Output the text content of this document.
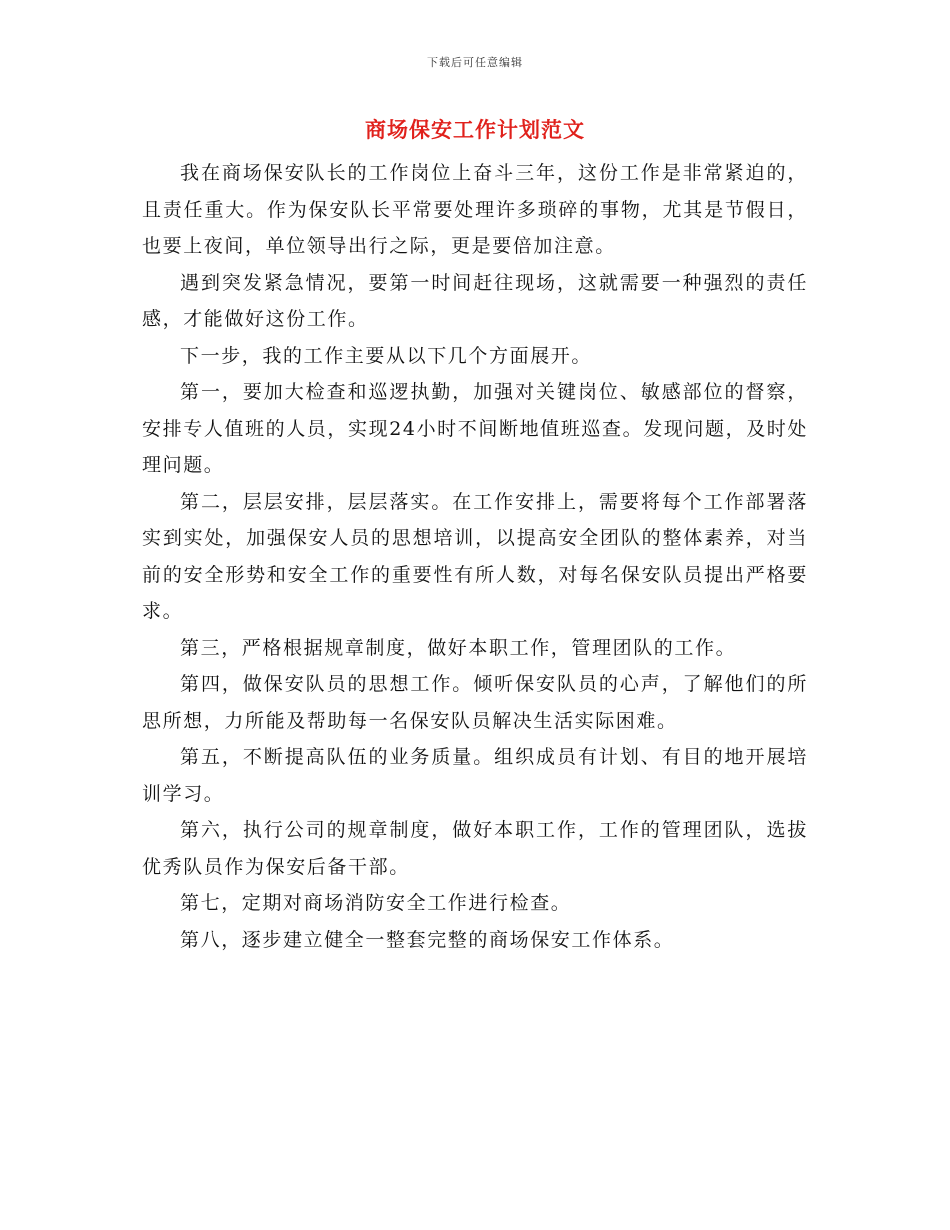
下载后可任意编辑
商场保安工作计划范文

我在商场保安队长的工作岗位上奋斗三年，这份工作是非常紧迫的，且责任重大。作为保安队长平常要处理许多琐碎的事物，尤其是节假日，也要上夜间，单位领导出行之际，更是要倍加注意。

遇到突发紧急情况，要第一时间赶往现场，这就需要一种强烈的责任感，才能做好这份工作。

下一步，我的工作主要从以下几个方面展开。

第一，要加大检查和巡逻执勤，加强对关键岗位、敏感部位的督察，安排专人值班的人员，实现24小时不间断地值班巡查。发现问题，及时处理问题。

第二，层层安排，层层落实。在工作安排上，需要将每个工作部署落实到实处，加强保安人员的思想培训，以提高安全团队的整体素养，对当前的安全形势和安全工作的重要性有所人数，对每名保安队员提出严格要求。

第三，严格根据规章制度，做好本职工作，管理团队的工作。

第四，做保安队员的思想工作。倾听保安队员的心声，了解他们的所思所想，力所能及帮助每一名保安队员解决生活实际困难。

第五，不断提高队伍的业务质量。组织成员有计划、有目的地开展培训学习。

第六，执行公司的规章制度，做好本职工作，工作的管理团队，选拔优秀队员作为保安后备干部。

第七，定期对商场消防安全工作进行检查。

第八，逐步建立健全一整套完整的商场保安工作体系。
